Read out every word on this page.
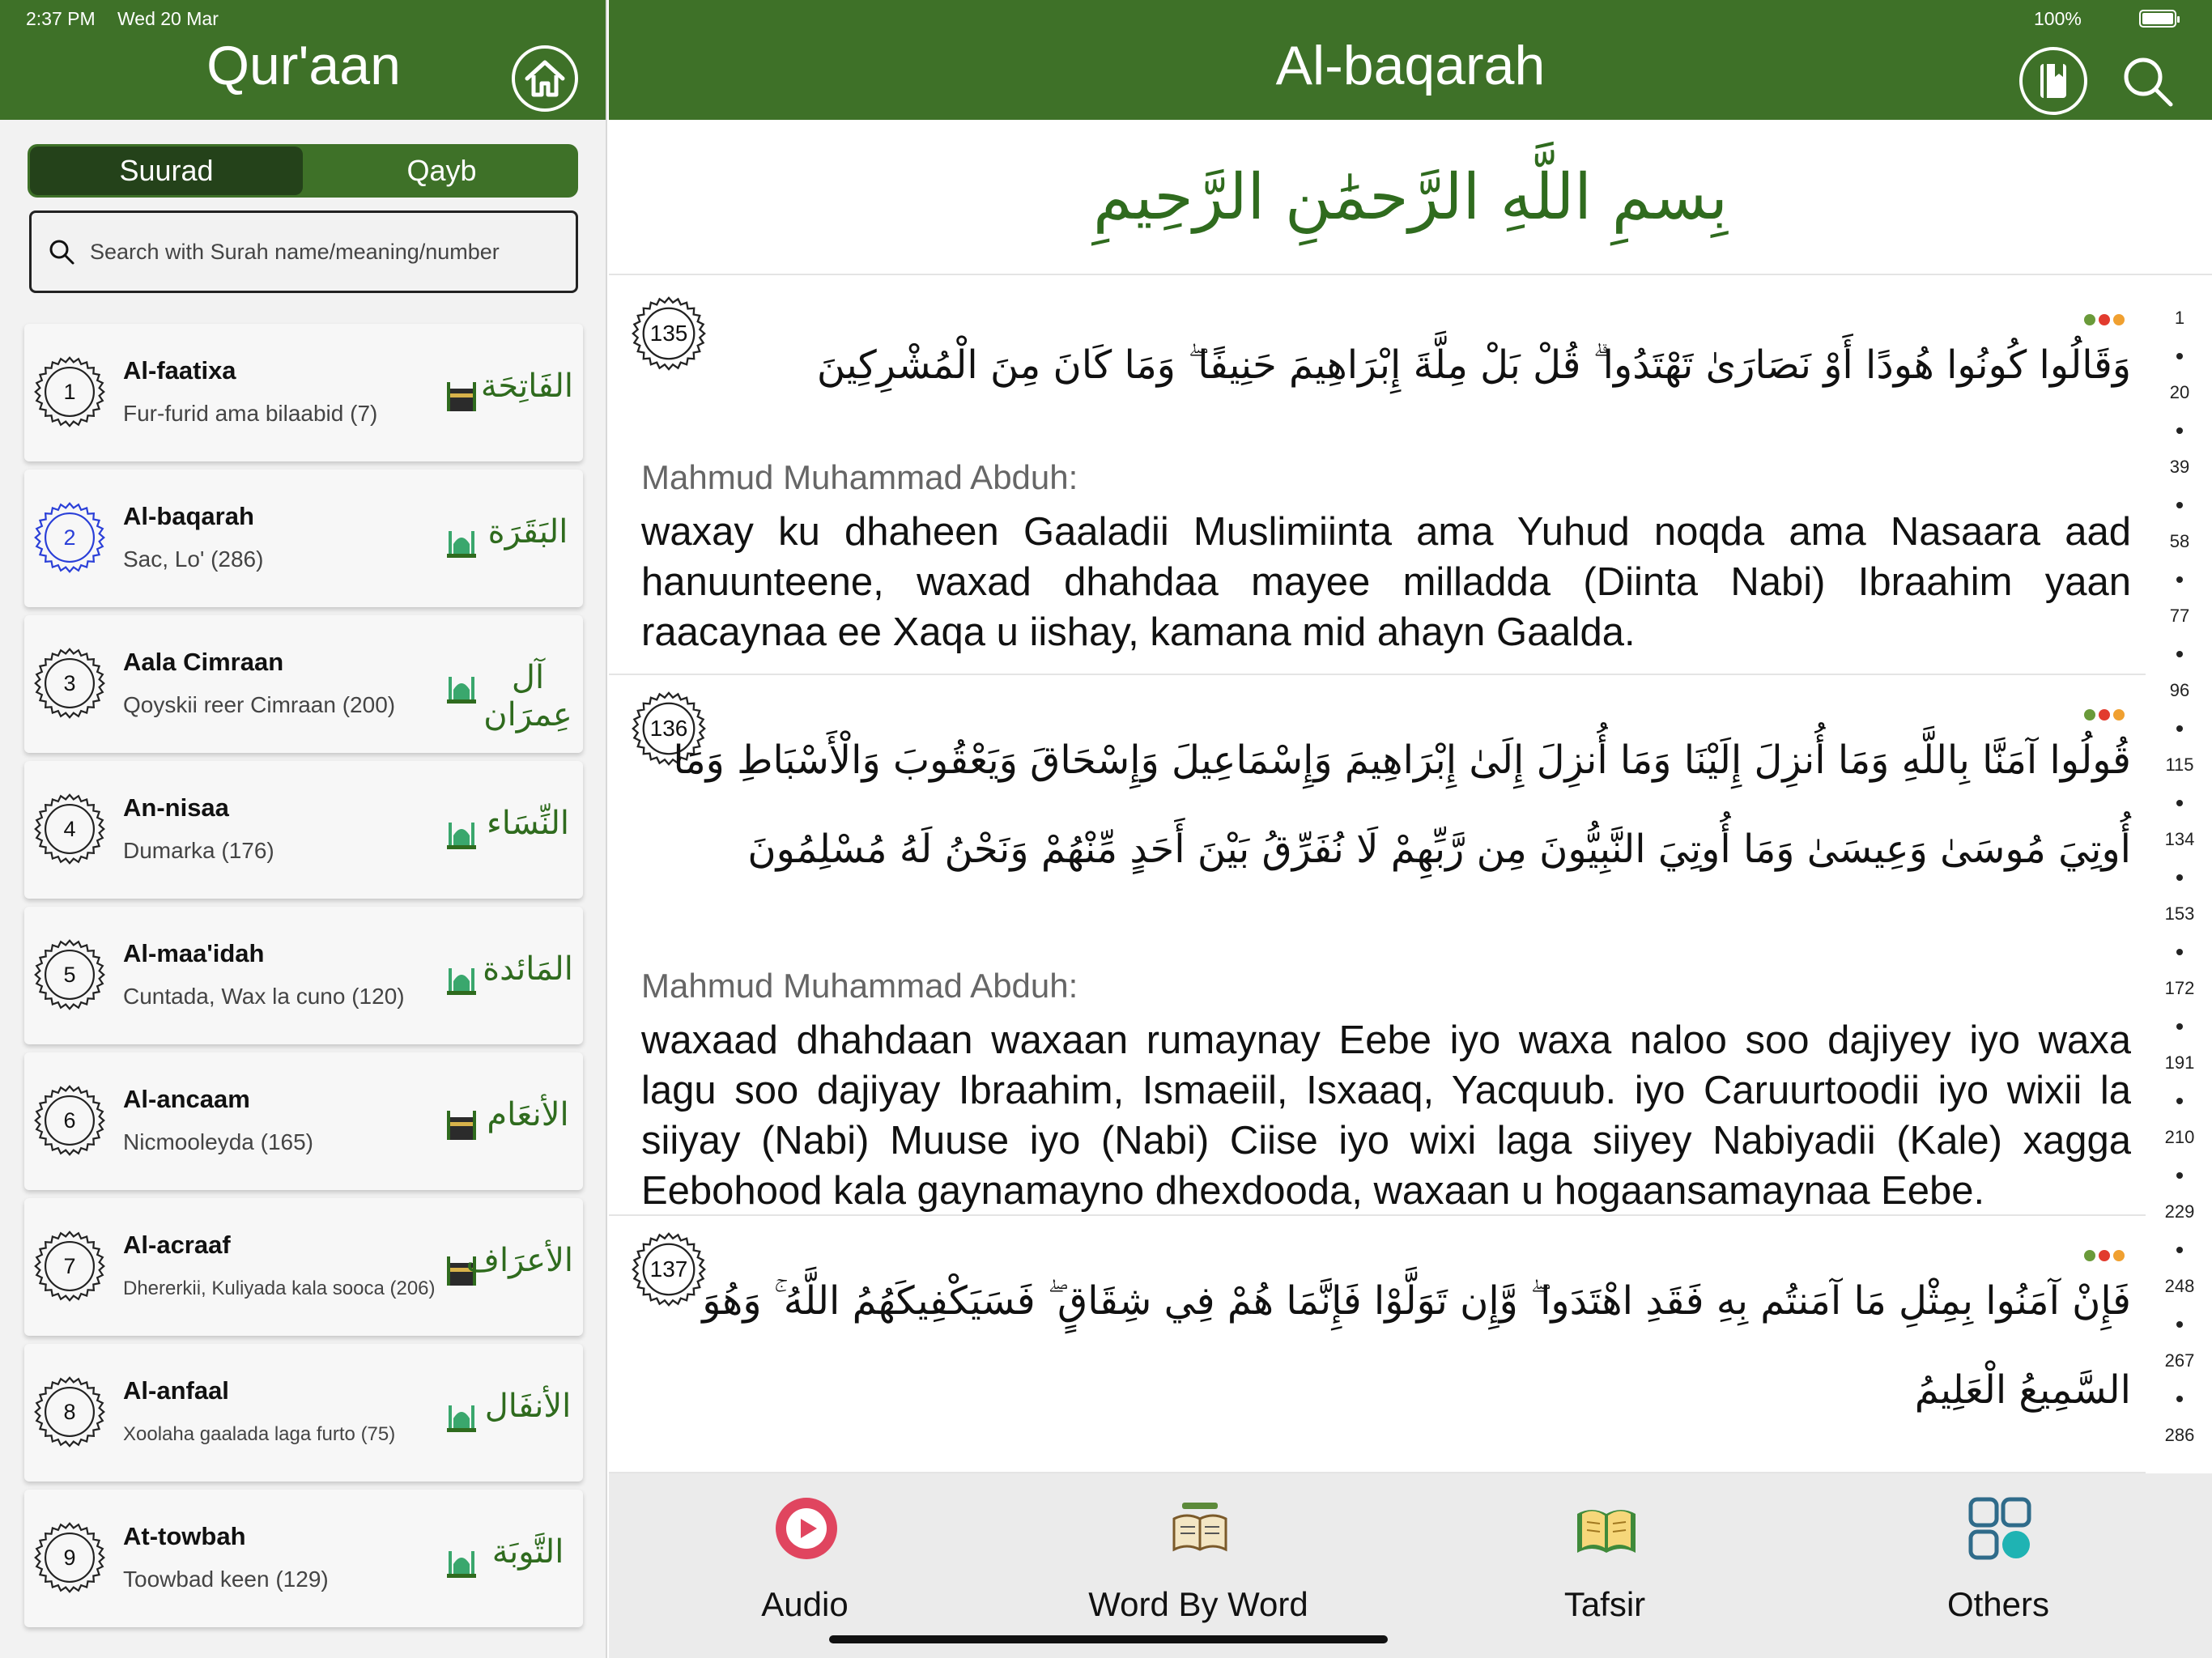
2:37 PM Wed 20 Mar
Qur'aan
Suurad	Qayb
Search with Surah name/meaning/number
1
Al-faatixa
Fur-furid ama bilaabid (7)
الفَاتِحَة
2
Al-baqarah
Sac, Lo' (286)
البَقَرَة
3
Aala Cimraan
Qoyskii reer Cimraan (200)
آل عِمرَان
4
An-nisaa
Dumarka (176)
النِّسَاء
5
Al-maa'idah
Cuntada, Wax la cuno (120)
المَائدة
6
Al-ancaam
Nicmooleyda (165)
الأنعَام
7
Al-acraaf
Dhererkii, Kuliyada kala sooca (206)
الأعرَاف
8
Al-anfaal
Xoolaha gaalada laga furto (75)
الأنفَال
9
At-towbah
Toowbad keen (129)
التَّوبَة
Al-baqarah
100%
بِسمِ اللَّهِ الرَّحمَٰنِ الرَّحِيمِ
135
وَقَالُوا كُونُوا هُودًا أَوْ نَصَارَىٰ تَهْتَدُوا ۗ قُلْ بَلْ مِلَّةَ إِبْرَاهِيمَ حَنِيفًا ۖ وَمَا كَانَ مِنَ الْمُشْرِكِينَ
Mahmud Muhammad Abduh:
waxay ku dhaheen Gaaladii Muslimiinta ama Yuhud noqda ama Nasaara aad hanuunteene, waxad dhahdaa mayee milladda (Diinta Nabi) Ibraahim yaan raacaynaa ee Xaqa u iishay, kamana mid ahayn Gaalda.
136
قُولُوا آمَنَّا بِاللَّهِ وَمَا أُنزِلَ إِلَيْنَا وَمَا أُنزِلَ إِلَىٰ إِبْرَاهِيمَ وَإِسْمَاعِيلَ وَإِسْحَاقَ وَيَعْقُوبَ وَالْأَسْبَاطِ وَمَا
أُوتِيَ مُوسَىٰ وَعِيسَىٰ وَمَا أُوتِيَ النَّبِيُّونَ مِن رَّبِّهِمْ لَا نُفَرِّقُ بَيْنَ أَحَدٍ مِّنْهُمْ وَنَحْنُ لَهُ مُسْلِمُونَ
Mahmud Muhammad Abduh:
waxaad dhahdaan waxaan rumaynay Eebe iyo waxa naloo soo dajiyey iyo waxa lagu soo dajiyay Ibraahim, Ismaeiil, Isxaaq, Yacquub. iyo Caruurtoodii iyo wixii la siiyay (Nabi) Muuse iyo (Nabi) Ciise iyo wixi laga siiyey Nabiyadii (Kale) xagga Eebohood kala gaynamayno dhexdooda, waxaan u hogaansamaynaa Eebe.
137
فَإِنْ آمَنُوا بِمِثْلِ مَا آمَنتُم بِهِ فَقَدِ اهْتَدَوا ۖ وَّإِن تَوَلَّوْا فَإِنَّمَا هُمْ فِي شِقَاقٍ ۖ فَسَيَكْفِيكَهُمُ اللَّهُ ۚ وَهُوَ
السَّمِيعُ الْعَلِيمُ
1
20
39
58
77
96
115
134
153
172
191
210
229
248
267
286
Audio	Word By Word	Tafsir	Others
